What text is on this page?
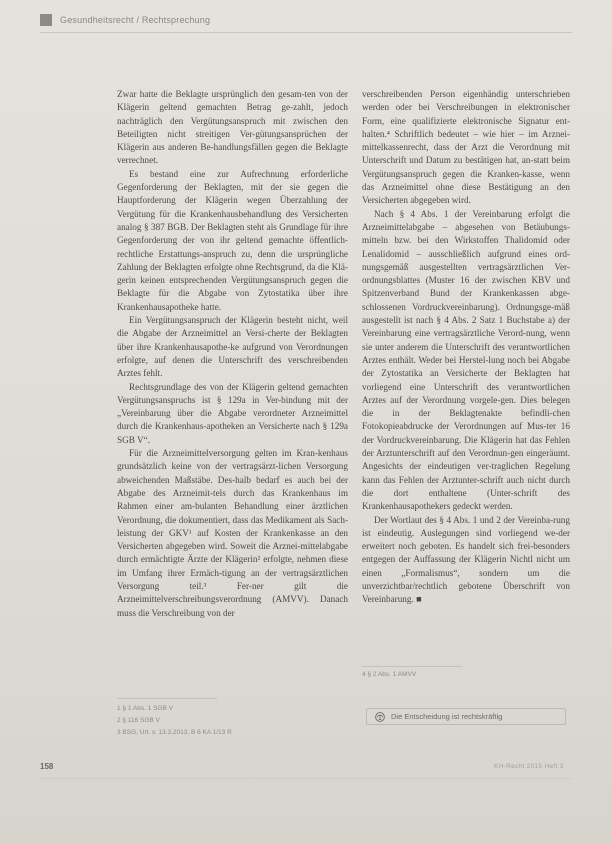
Gesundheitsrecht / Rechtsprechung

Zwar hatte die Beklagte ursprünglich den gesam-ten von der Klägerin geltend gemachten Betrag ge-zahlt, jedoch nachträglich den Vergütungsanspruch mit zwischen den Beteiligten nicht streitigen Ver-gütungsansprüchen der Klägerin aus anderen Be-handlungsfällen gegen die Beklagte verrechnet.

Es bestand eine zur Aufrechnung erforderliche Gegenforderung der Beklagten, mit der sie gegen die Hauptforderung der Klägerin wegen Überzahlung der Vergütung für die Krankenhausbehandlung des Versicherten analog § 387 BGB. Der Beklagten steht als Grundlage für ihre Gegenforderung der von ihr geltend gemachte öffentlich-rechtliche Erstattungs-anspruch zu, denn die ursprüngliche Zahlung der Beklagten erfolgte ohne Rechtsgrund, da die Klä-gerin keinen entsprechenden Vergütungsanspruch gegen die Beklagte für die Abgabe von Zytostatika über ihre Krankenhausapotheke hatte.

Ein Vergütungsanspruch der Klägerin besteht nicht, weil die Abgabe der Arzneimittel an Versi-cherte der Beklagten über ihre Krankenhausapothe-ke aufgrund von Verordnungen erfolgte, auf denen die Unterschrift des verschreibenden Arztes fehlt.

Rechtsgrundlage des von der Klägerin geltend gemachten Vergütungsanspruchs ist § 129a in Ver-bindung mit der „Vereinbarung über die Abgabe verordneter Arzneimittel durch die Krankenhaus-apotheken an Versicherte nach § 129a SGB V“.

Für die Arzneimittelversorgung gelten im Kran-kenhaus grundsätzlich keine von der vertragsärzt-lichen Versorgung abweichenden Maßstäbe. Des-halb bedarf es auch bei der Abgabe des Arzneimit-tels durch das Krankenhaus im Rahmen einer am-bulanten Behandlung einer ärztlichen Verordnung, die dokumentiert, dass das Medikament als Sach-leistung der GKV¹ auf Kosten der Krankenkasse an den Versicherten abgegeben wird. Soweit die Arznei-mittelabgabe durch ermächtigte Ärzte der Klägerin² erfolgte, nehmen diese im Umfang ihrer Ermäch-tigung an der vertragsärztlichen Versorgung teil.³ Fer-ner gilt die Arzneimittelverschreibungsverordnung (AMVV). Danach muss die Verschreibung von der

verschreibenden Person eigenhändig unterschrieben werden oder bei Verschreibungen in elektronischer Form, eine qualifizierte elektronische Signatur ent-halten.⁴ Schriftlich bedeutet – wie hier – im Arznei-mittelkassenrecht, dass der Arzt die Verordnung mit Unterschrift und Datum zu bestätigen hat, an-statt beim Vergütungsanspruch gegen die Kranken-kasse, wenn das Arzneimittel ohne diese Bestätigung an den Versicherten abgegeben wird.

Nach § 4 Abs. 1 der Vereinbarung erfolgt die Arzneimittelabgabe – abgesehen von Betäubungs-mitteln bzw. bei den Wirkstoffen Thalidomid oder Lenalidomid – ausschließlich aufgrund eines ord-nungsgemäß ausgestellten vertragsärztlichen Ver-ordnungsblattes (Muster 16 der zwischen KBV und Spitzenverband Bund der Krankenkassen abge-schlossenen Vordruckvereinbarung). Ordnungsge-mäß ausgestellt ist nach § 4 Abs. 2 Satz 1 Buchstabe a) der Vereinbarung eine vertragsärztliche Verord-nung, wenn sie unter anderem die Unterschrift des verantwortlichen Arztes enthält. Weder bei Herstel-lung noch bei Abgabe der Zytostatika an Versicherte der Beklagten hat vorliegend eine Unterschrift des verantwortlichen Arztes auf der Verordnung vorgele-gen. Dies belegen die in der Beklagtenakte befindli-chen Fotokopieabdrucke der Verordnungen auf Mus-ter 16 der Vordruckvereinbarung. Die Klägerin hat das Fehlen der Arztunterschrift auf den Verordnun-gen eingeräumt. Angesichts der eindeutigen ver-traglichen Regelung kann das Fehlen der Arztunter-schrift auch nicht durch die dort enthaltene (Unter-schrift des Krankenhausapothekers gedeckt werden.

Der Wortlaut des § 4 Abs. 1 und 2 der Vereinba-rung ist eindeutig. Auslegungen sind vorliegend we-der erweitert noch geboten. Es handelt sich frei-besonders entgegen der Auffassung der Klägerin Nichtl nicht um einen „Formalismus“, sondern um die unverzichtbar/rechtlich gebotene Überschrift von Vereinbarung. ■

4 § 2 Abs. 1 AMVV
1 § 1 Abs. 1 SGB V
2 § 116 SGB V
3 BSG, Urt. v. 13.3.2013, B 6 KA 1/13 R
Die Entscheidung ist rechtskräftig
158	KH-Recht 2015 Heft 3
